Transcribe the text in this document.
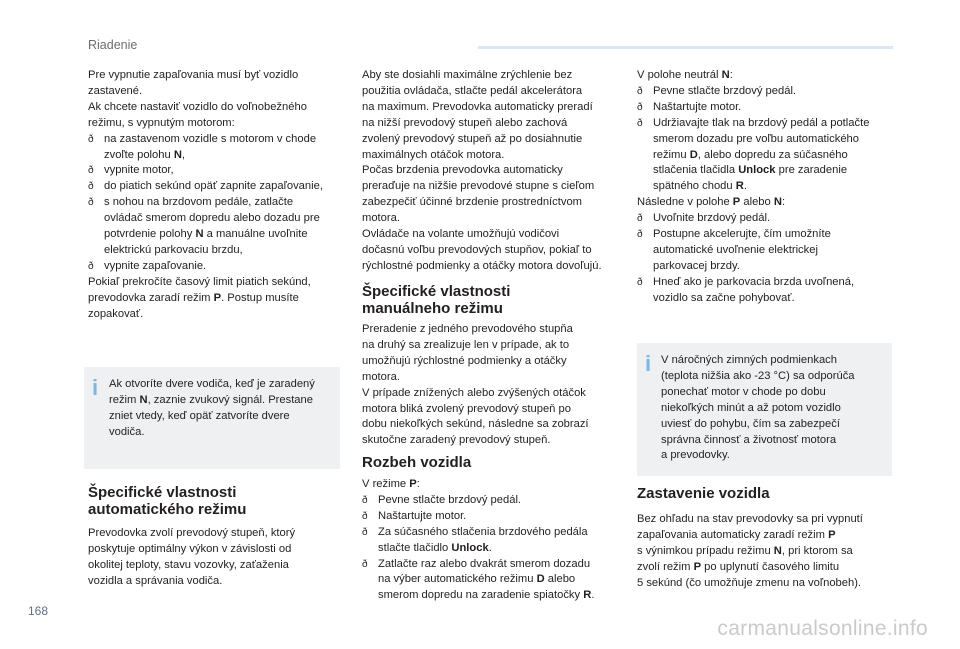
Riadenie
168

Pre vypnutie zapaľovania musí byť vozidlo
zastavené.

Ak chcete nastaviť vozidlo do voľnobežného
režimu, s vypnutým motorom:

ð na zastavenom vozidle s motorom v chode
zvoľte polohu N,

ð vypnite motor,

ð do piatich sekúnd opäť zapnite zapaľovanie,

ð s nohou na brzdovom pedále, zatlačte
ovládač smerom dopredu alebo dozadu pre
potvrdenie polohy N a manuálne uvoľnite
elektrickú parkovaciu brzdu,

ð vypnite zapaľovanie.

Pokiaľ prekročíte časový limit piatich sekúnd,
prevodovka zaradí režim P. Postup musíte
zopakovať.

i Ak otvoríte dvere vodiča, keď je zaradený
režim N, zaznie zvukový signál. Prestane
zniet vtedy, keď opäť zatvoríte dvere
vodiča.

Špecifické vlastnosti
automatického režimu

Prevodovka zvolí prevodový stupeň, ktorý
poskytuje optimálny výkon v závislosti od
okolitej teploty, stavu vozovky, zaťaženia
vozidla a správania vodiča.

Aby ste dosiahli maximálne zrýchlenie bez
použitia ovládača, stlačte pedál akcelerátora
na maximum. Prevodovka automaticky preradí
na nižší prevodový stupeň alebo zachová
zvolený prevodový stupeň až po dosiahnutie
maximálnych otáčok motora.

Počas brzdenia prevodovka automaticky
preraďuje na nižšie prevodové stupne s cieľom
zabezpečiť účinné brzdenie prostredníctvom
motora.

Ovládače na volante umožňujú vodičovi
dočasnú voľbu prevodových stupňov, pokiaľ to
rýchlostné podmienky a otáčky motora dovoľujú.

Špecifické vlastnosti
manuálneho režimu

Preradenie z jedného prevodového stupňa
na druhý sa zrealizuje len v prípade, ak to
umožňujú rýchlostné podmienky a otáčky
motora.

V prípade znížených alebo zvýšených otáčok
motora bliká zvolený prevodový stupeň po
dobu niekoľkých sekúnd, následne sa zobrazí
skutočne zaradený prevodový stupeň.

Rozbeh vozidla

V režime P:

ð Pevne stlačte brzdový pedál.

ð Naštartujte motor.

ð Za súčasného stlačenia brzdového pedála
stlačte tlačidlo Unlock.

ð Zatlačte raz alebo dvakrát smerom dozadu
na výber automatického režimu D alebo
smerom dopredu na zaradenie spiatočky R.

V polohe neutrál N:

ð Pevne stlačte brzdový pedál.

ð Naštartujte motor.

ð Udržiavajte tlak na brzdový pedál a potlačte
smerom dozadu pre voľbu automatického
režimu D, alebo dopredu za súčasného
stlačenia tlačidla Unlock pre zaradenie
spätného chodu R.

Následne v polohe P alebo N:

ð Uvoľnite brzdový pedál.

ð Postupne akcelerujte, čím umožníte
automatické uvoľnenie elektrickej
parkovacej brzdy.

ð Hneď ako je parkovacia brzda uvoľnená,
vozidlo sa začne pohybovať.

i V náročných zimných podmienkach
(teplota nižšia ako -23 °C) sa odporúča
ponechať motor v chode po dobu
niekoľkých minút a až potom vozidlo
uviesť do pohybu, čím sa zabezpečí
správna činnosť a životnosť motora
a prevodovky.

Zastavenie vozidla

Bez ohľadu na stav prevodovky sa pri vypnutí
zapaľovania automaticky zaradí režim P
s výnimkou prípadu režimu N, pri ktorom sa
zvolí režim P po uplynutí časového limitu
5 sekúnd (čo umožňuje zmenu na voľnobeh).

carmanualsonline.info
